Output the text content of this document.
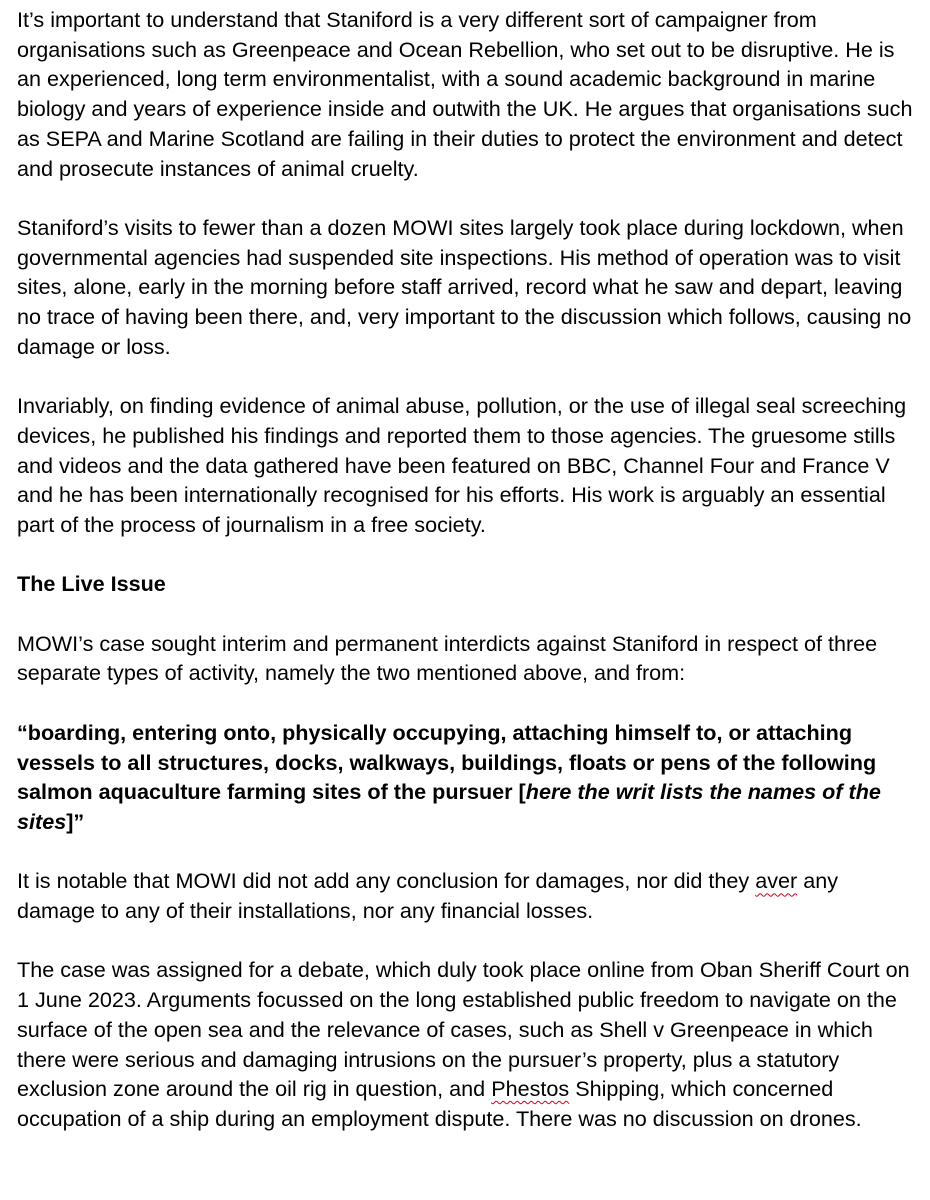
It’s important to understand that Staniford is a very different sort of campaigner from organisations such as Greenpeace and Ocean Rebellion, who set out to be disruptive. He is an experienced, long term environmentalist, with a sound academic background in marine biology and years of experience inside and outwith the UK. He argues that organisations such as SEPA and Marine Scotland are failing in their duties to protect the environment and detect and prosecute instances of animal cruelty.

Staniford’s visits to fewer than a dozen MOWI sites largely took place during lockdown, when governmental agencies had suspended site inspections. His method of operation was to visit sites, alone, early in the morning before staff arrived, record what he saw and depart, leaving no trace of having been there, and, very important to the discussion which follows, causing no damage or loss.

Invariably, on finding evidence of animal abuse, pollution, or the use of illegal seal screeching devices, he published his findings and reported them to those agencies. The gruesome stills and videos and the data gathered have been featured on BBC, Channel Four and France V and he has been internationally recognised for his efforts. His work is arguably an essential part of the process of journalism in a free society.

The Live Issue

MOWI’s case sought interim and permanent interdicts against Staniford in respect of three separate types of activity, namely the two mentioned above, and from:

“boarding, entering onto, physically occupying, attaching himself to, or attaching vessels to all structures, docks, walkways, buildings, floats or pens of the following salmon aquaculture farming sites of the pursuer [here the writ lists the names of the sites]”

It is notable that MOWI did not add any conclusion for damages, nor did they aver any damage to any of their installations, nor any financial losses.

The case was assigned for a debate, which duly took place online from Oban Sheriff Court on 1 June 2023. Arguments focussed on the long established public freedom to navigate on the surface of the open sea and the relevance of cases, such as Shell v Greenpeace in which there were serious and damaging intrusions on the pursuer’s property, plus a statutory exclusion zone around the oil rig in question, and Phestos Shipping, which concerned occupation of a ship during an employment dispute. There was no discussion on drones.
